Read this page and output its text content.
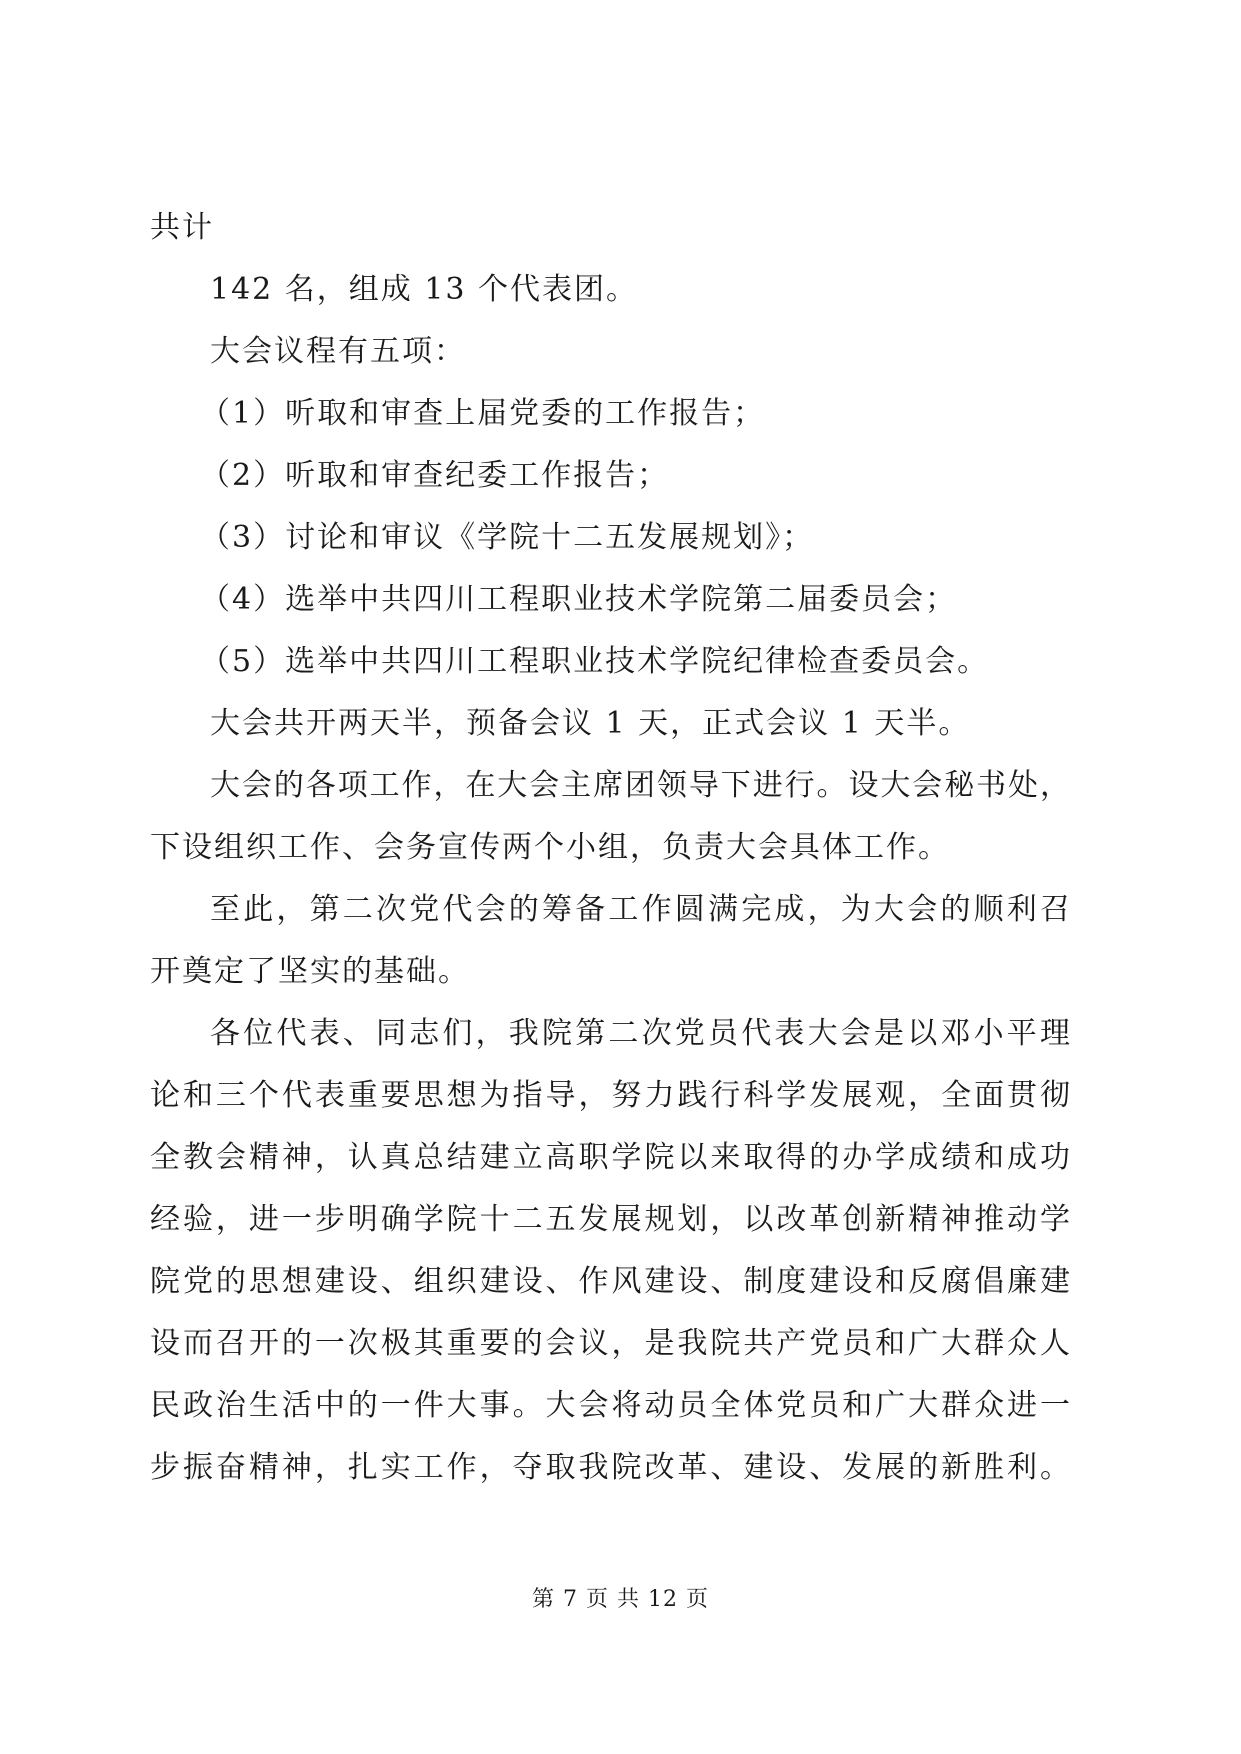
共计
142 名，组成 13 个代表团。
大会议程有五项：
（1）听取和审查上届党委的工作报告；
（2）听取和审查纪委工作报告；
（3）讨论和审议《学院十二五发展规划》；
（4）选举中共四川工程职业技术学院第二届委员会；
（5）选举中共四川工程职业技术学院纪律检查委员会。
大会共开两天半，预备会议 1 天，正式会议 1 天半。
大会的各项工作，在大会主席团领导下进行。设大会秘书处，
下设组织工作、会务宣传两个小组，负责大会具体工作。
至此，第二次党代会的筹备工作圆满完成，为大会的顺利召
开奠定了坚实的基础。
各位代表、同志们，我院第二次党员代表大会是以邓小平理
论和三个代表重要思想为指导，努力践行科学发展观，全面贯彻
全教会精神，认真总结建立高职学院以来取得的办学成绩和成功
经验，进一步明确学院十二五发展规划，以改革创新精神推动学
院党的思想建设、组织建设、作风建设、制度建设和反腐倡廉建
设而召开的一次极其重要的会议，是我院共产党员和广大群众人
民政治生活中的一件大事。大会将动员全体党员和广大群众进一
步振奋精神，扎实工作，夺取我院改革、建设、发展的新胜利。
第 7 页 共 12 页
